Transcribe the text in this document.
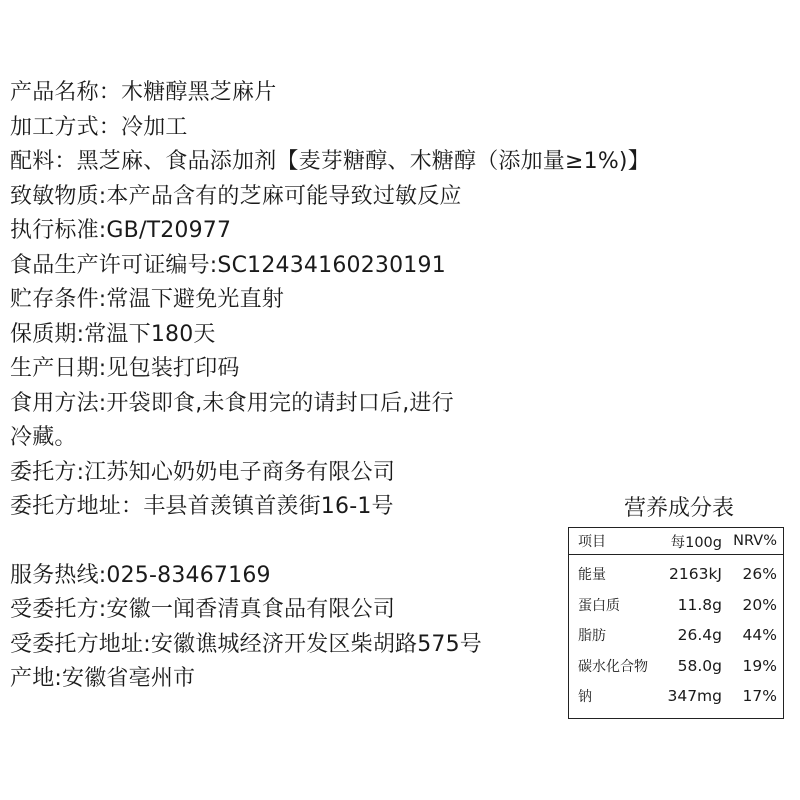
产品名称：木糖醇黑芝麻片
加工方式：冷加工
配料：黑芝麻、食品添加剂【麦芽糖醇、木糖醇（添加量≥1%)】
致敏物质:本产品含有的芝麻可能导致过敏反应
执行标准:GB/T20977
食品生产许可证编号:SC12434160230191
贮存条件:常温下避免光直射
保质期:常温下180天
生产日期:见包装打印码
食用方法:开袋即食,未食用完的请封口后,进行
冷藏。
委托方:江苏知心奶奶电子商务有限公司
委托方地址：丰县首羡镇首羡街16-1号
服务热线:025-83467169
受委托方:安徽一闻香清真食品有限公司
受委托方地址:安徽谯城经济开发区柴胡路575号
产地:安徽省亳州市
营养成分表
项目	每100g NRV%
能量	2163kJ	26%
蛋白质	11.8g	20%
脂肪	26.4g	44%
碳水化合物	58.0g	19%
钠	347mg	17%
